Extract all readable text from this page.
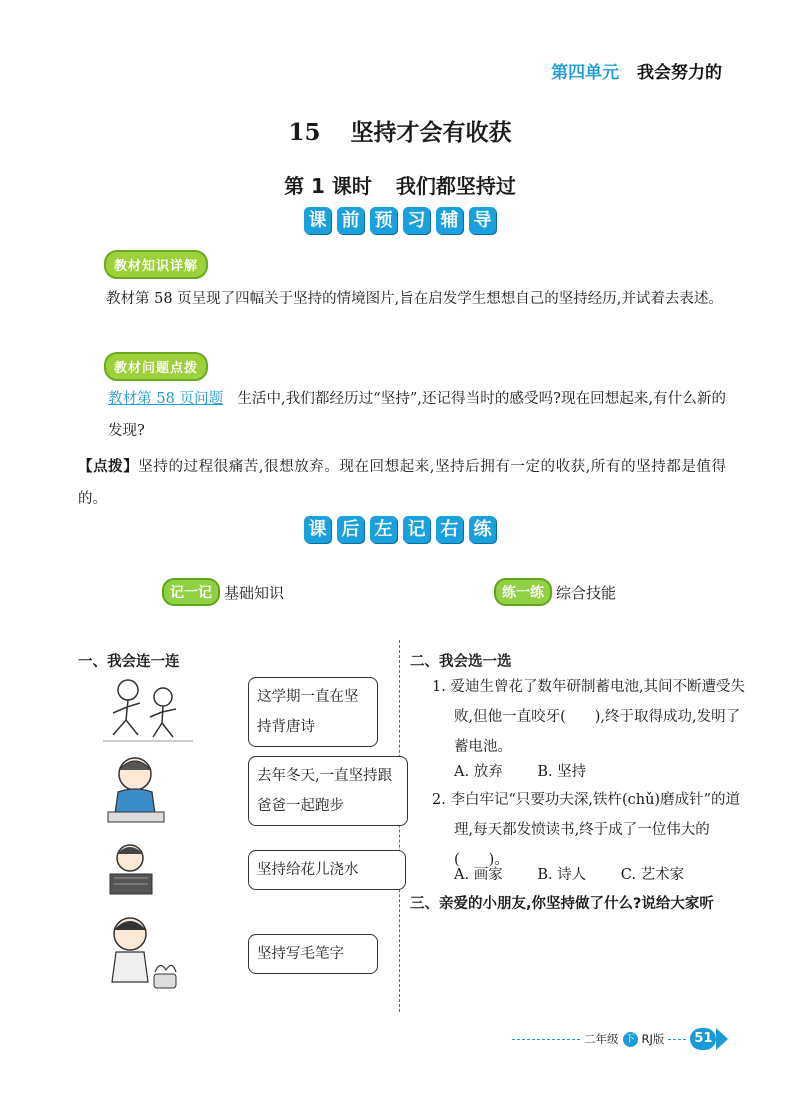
第四单元 我会努力的
15 坚持才会有收获
第 1 课时 我们都坚持过
课 前 预 习 辅 导
教材知识详解
教材第 58 页呈现了四幅关于坚持的情境图片,旨在启发学生想想自己的坚持经历,并试着去表述。
教材问题点拨
教材第 58 页问题 生活中,我们都经历过“坚持”,还记得当时的感受吗?现在回想起来,有什么新的发现?
【点拨】坚持的过程很痛苦,很想放弃。现在回想起来,坚持后拥有一定的收获,所有的坚持都是值得的。
课 后 左 记 右 练
记一记 基础知识	练一练 综合技能
一、我会连一连
这学期一直在坚持背唐诗
去年冬天,一直坚持跟爸爸一起跑步
坚持给花儿浇水
坚持写毛笔字
二、我会选一选
1. 爱迪生曾花了数年研制蓄电池,其间不断遭受失败,但他一直咬牙(　　),终于取得成功,发明了蓄电池。
A. 放弃 B. 坚持
2. 李白牢记“只要功夫深,铁杵(chǔ)磨成针”的道理,每天都发愤读书,终于成了一位伟大的(　　)。
A. 画家 B. 诗人 C. 艺术家
三、亲爱的小朋友,你坚持做了什么?说给大家听
二年级 下 RJ版	51
